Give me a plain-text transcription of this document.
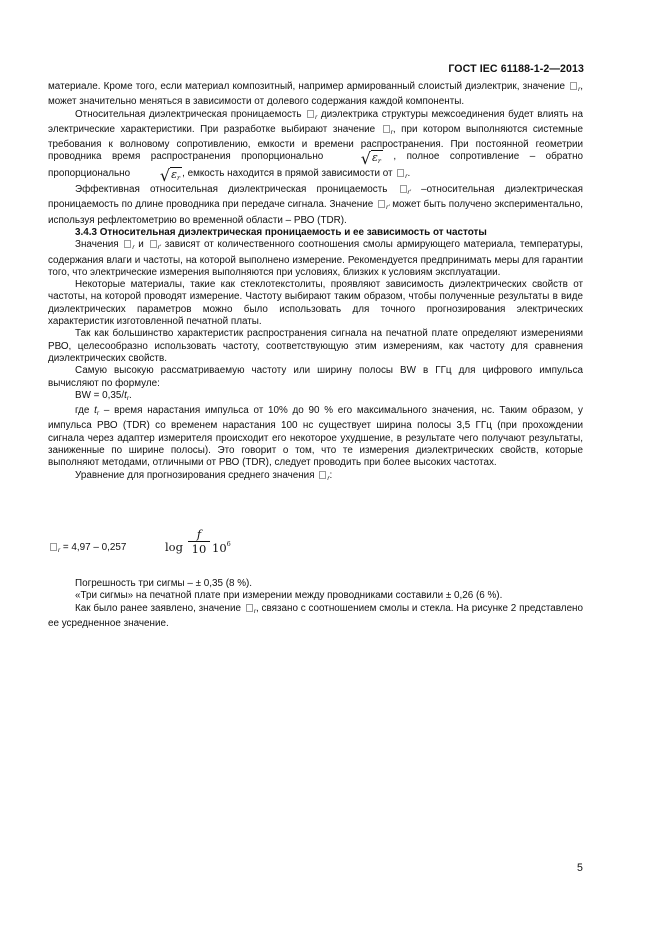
ГОСТ IEC 61188-1-2—2013

материале. Кроме того, если материал композитный, например армированный слоистый диэлектрик, значение $_r$, может значительно меняться в зависимости от долевого содержания каждой компоненты.

Относительная диэлектрическая проницаемость $_r$ диэлектрика структуры межсоединения будет влиять на электрические характеристики. При разработке выбирают значение $_r$, при котором выполняются системные требования к волновому сопротивлению, емкости и времени распространения. При постоянной геометрии проводника время распространения пропорционально $√\varepsilon_r$ , полное сопротивление – обратно пропорционально $√\varepsilon_r$ , емкость находится в прямой зависимости от $_r$.

Эффективная относительная диэлектрическая проницаемость	$_{r'}$ –относительная диэлектрическая проницаемость по длине проводника при передаче сигнала. Значение $_{r'}$ может быть получено экспериментально, используя рефлектометрию во временной области – РВО (TDR).

3.4.3 Относительная диэлектрическая проницаемость и ее зависимость от частоты

Значения $_r$ и $_{r'}$ зависят от количественного соотношения смолы армирующего материала, температуры, содержания влаги и частоты, на которой выполнено измерение. Рекомендуется предпринимать меры для гарантии того, что электрические измерения выполняются при условиях, близких к условиям эксплуатации.

Некоторые материалы, такие как стеклотекстолиты, проявляют зависимость диэлектрических свойств от частоты, на которой проводят измерение. Частоту выбирают таким образом, чтобы полученные результаты в виде диэлектрических параметров можно было использовать для точного прогнозирования электрических характеристик изготовленной печатной платы.

Так как большинство характеристик распространения сигнала на печатной плате определяют измерениями РВО, целесообразно использовать частоту, соответствующую этим измерениям, как частоту для сравнения диэлектрических свойств.

Самую высокую рассматриваемую частоту или ширину полосы BW в ГГц для цифрового импульса вычисляют по формуле:

BW = $0,35/t_r$.

где $t_r$ – время нарастания импульса от 10% до 90 % его максимального значения, нс. Таким образом, у импульса РВО (TDR) со временем нарастания 100 нс существует ширина полосы 3,5 ГГц (при прохождении сигнала через адаптер измерителя происходит его некоторое ухудшение, в результате чего получают результаты, заниженные по ширине полосы). Это говорит о том, что те измерения диэлектрических свойств, которые выполняют методами, отличными от РВО (TDR), следует проводить при более высоких частотах.

Уравнение для прогнозирования среднего значения $_r$:

$_r$ = 4,97 – 0,257	$\log \frac{f}{10} 10^6$

Погрешность три сигмы – ± 0,35 (8 %).

«Три сигмы» на печатной плате при измерении между проводниками составили ± 0,26 (6 %).

Как было ранее заявлено, значение $_r$, связано с соотношением смолы и стекла. На рисунке 2 представлено ее усредненное значение.

5
